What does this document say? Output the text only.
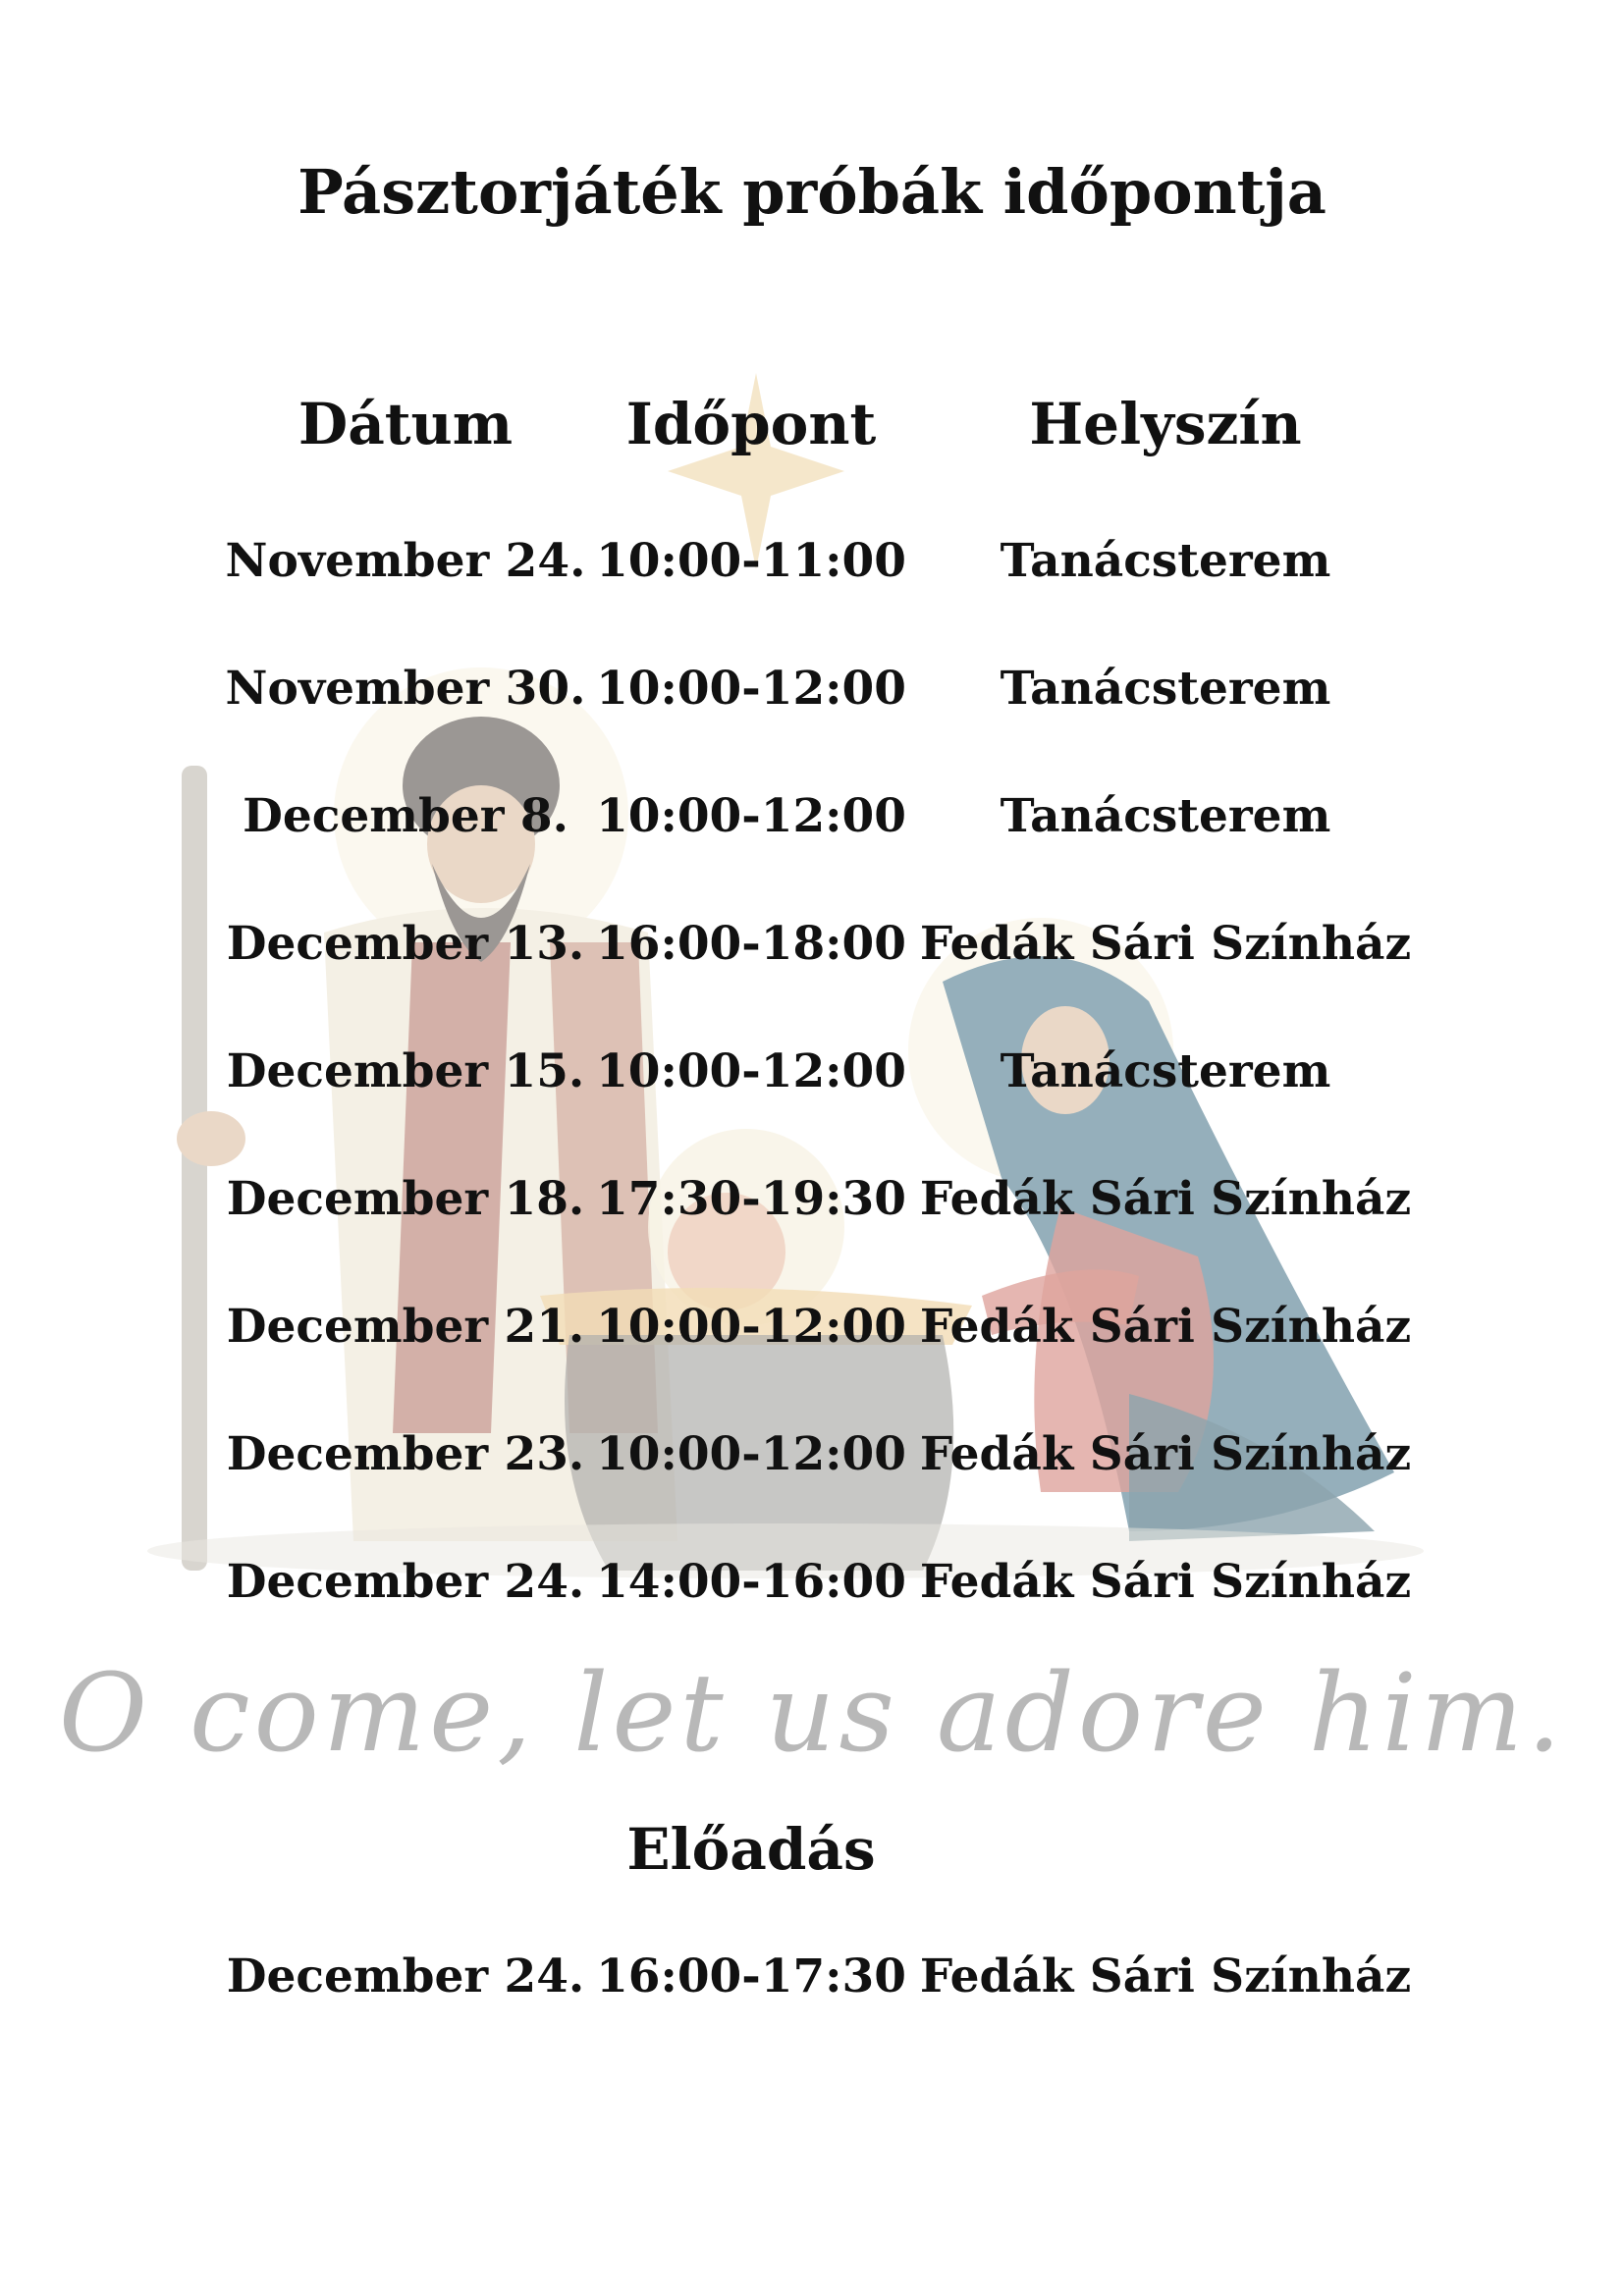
Pásztorjáték próbák időpontja
Dátum Időpont	Helyszín
November 24. 10:00-11:00 Tanácsterem
November 30. 10:00-12:00 Tanácsterem
December 8. 10:00-12:00 Tanácsterem
December 13. 16:00-18:00 Fedák Sári Színház
December 15. 10:00-12:00 Tanácsterem
December 18. 17:30-19:30 Fedák Sári Színház
December 21. 10:00-12:00 Fedák Sári Színház
December 23. 10:00-12:00 Fedák Sári Színház
December 24. 14:00-16:00 Fedák Sári Színház
O come, let us adore him.
Előadás
December 24. 16:00-17:30 Fedák Sári Színház
